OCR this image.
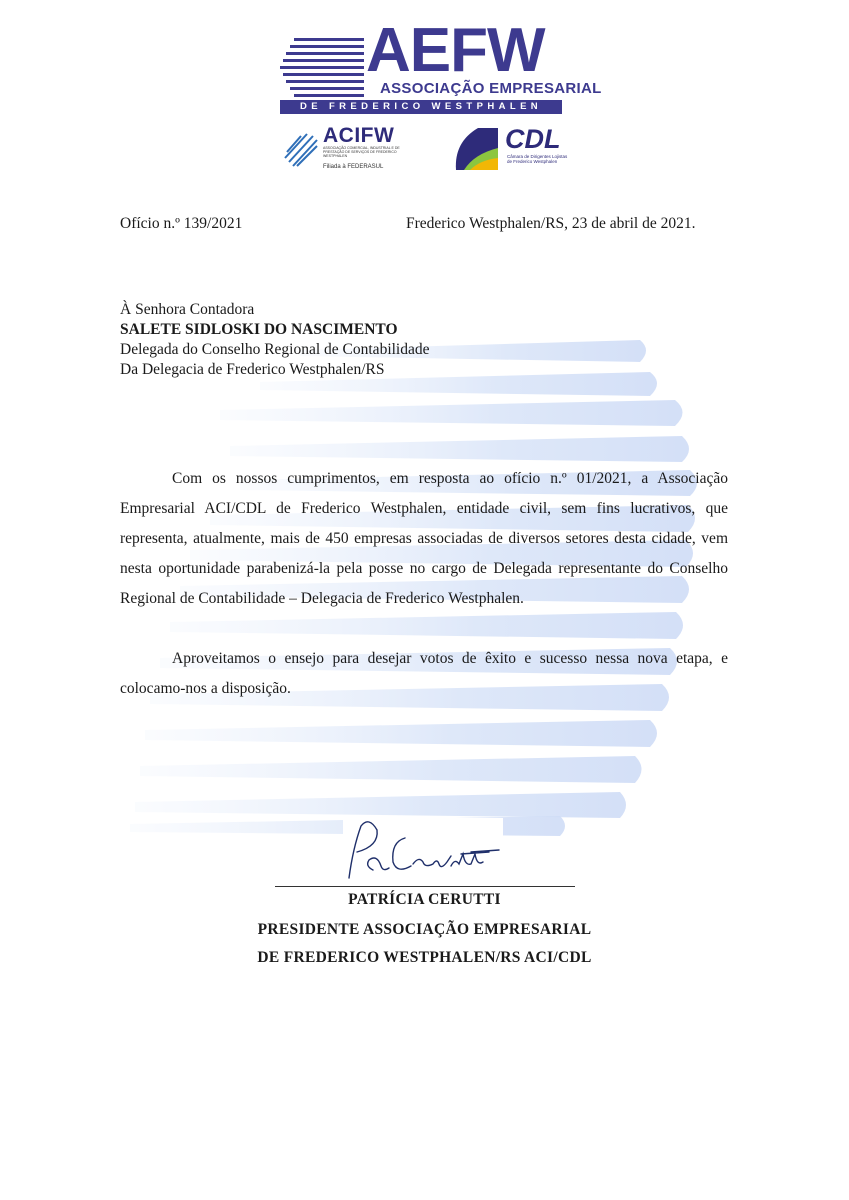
AEFW
ASSOCIAÇÃO EMPRESARIAL
DE FREDERICO WESTPHALEN
ACIFW
ASSOCIAÇÃO COMERCIAL, INDUSTRIAL E DE PRESTAÇÃO DE SERVIÇOS DE FREDERICO WESTPHALEN
Filiada à FEDERASUL
CDL
Câmara de Dirigentes Lojistas de Frederico Westphalen
Ofício n.º 139/2021	Frederico Westphalen/RS, 23 de abril de 2021.
À Senhora Contadora
SALETE SIDLOSKI DO NASCIMENTO
Delegada do Conselho Regional de Contabilidade
Da Delegacia de Frederico Westphalen/RS

Com os nossos cumprimentos, em resposta ao ofício n.º 01/2021, a Associação Empresarial ACI/CDL de Frederico Westphalen, entidade civil, sem fins lucrativos, que representa, atualmente, mais de 450 empresas associadas de diversos setores desta cidade, vem nesta oportunidade parabenizá-la pela posse no cargo de Delegada representante do Conselho Regional de Contabilidade – Delegacia de Frederico Westphalen.

Aproveitamos o ensejo para desejar votos de êxito e sucesso nessa nova etapa, e colocamo-nos a disposição.

PATRÍCIA CERUTTI
PRESIDENTE ASSOCIAÇÃO EMPRESARIAL
DE FREDERICO WESTPHALEN/RS ACI/CDL
